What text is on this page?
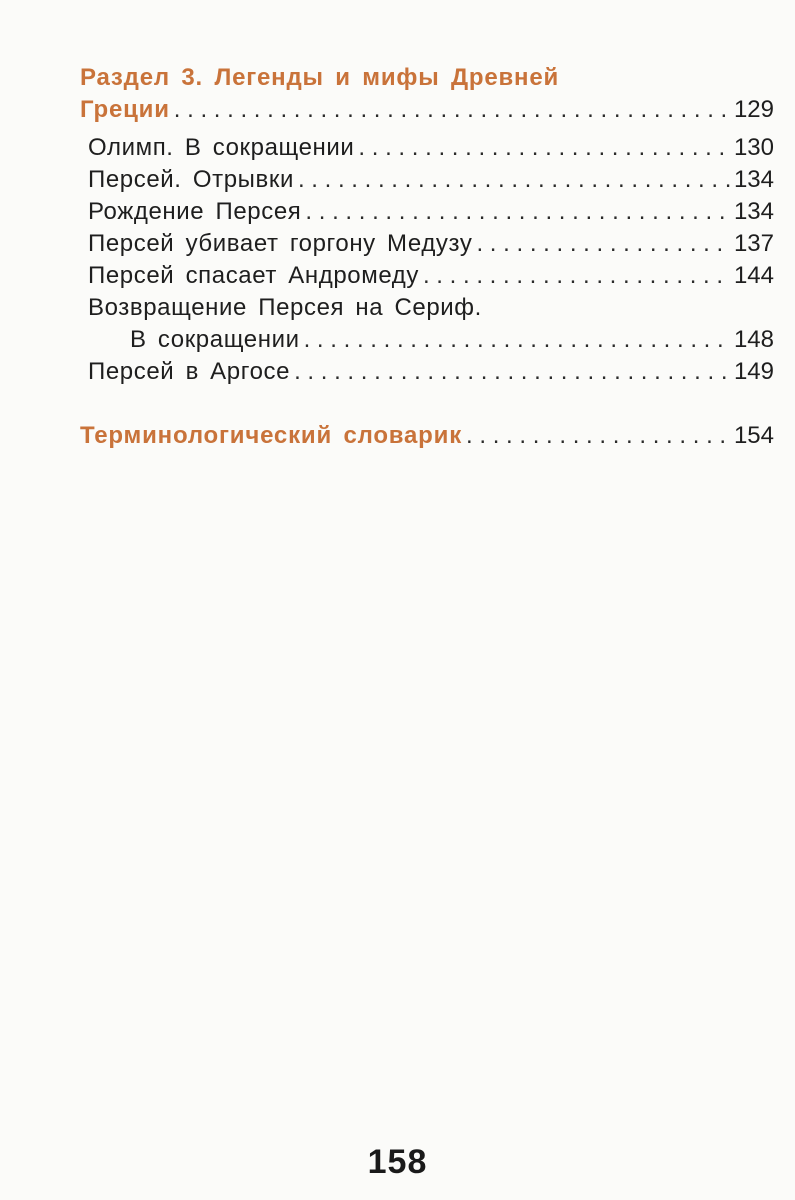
Раздел 3. Легенды и мифы Древней
Греции . . .	129
Олимп. В сокращении . . .	130
Персей. Отрывки . . .	134
Рождение Персея . . .	134
Персей убивает горгону Медузу . . .	137
Персей спасает Андромеду . . .	144
Возвращение Персея на Сериф.
В сокращении . . .	148
Персей в Аргосе . . .	149
Терминологический словарик . . .	154
158
